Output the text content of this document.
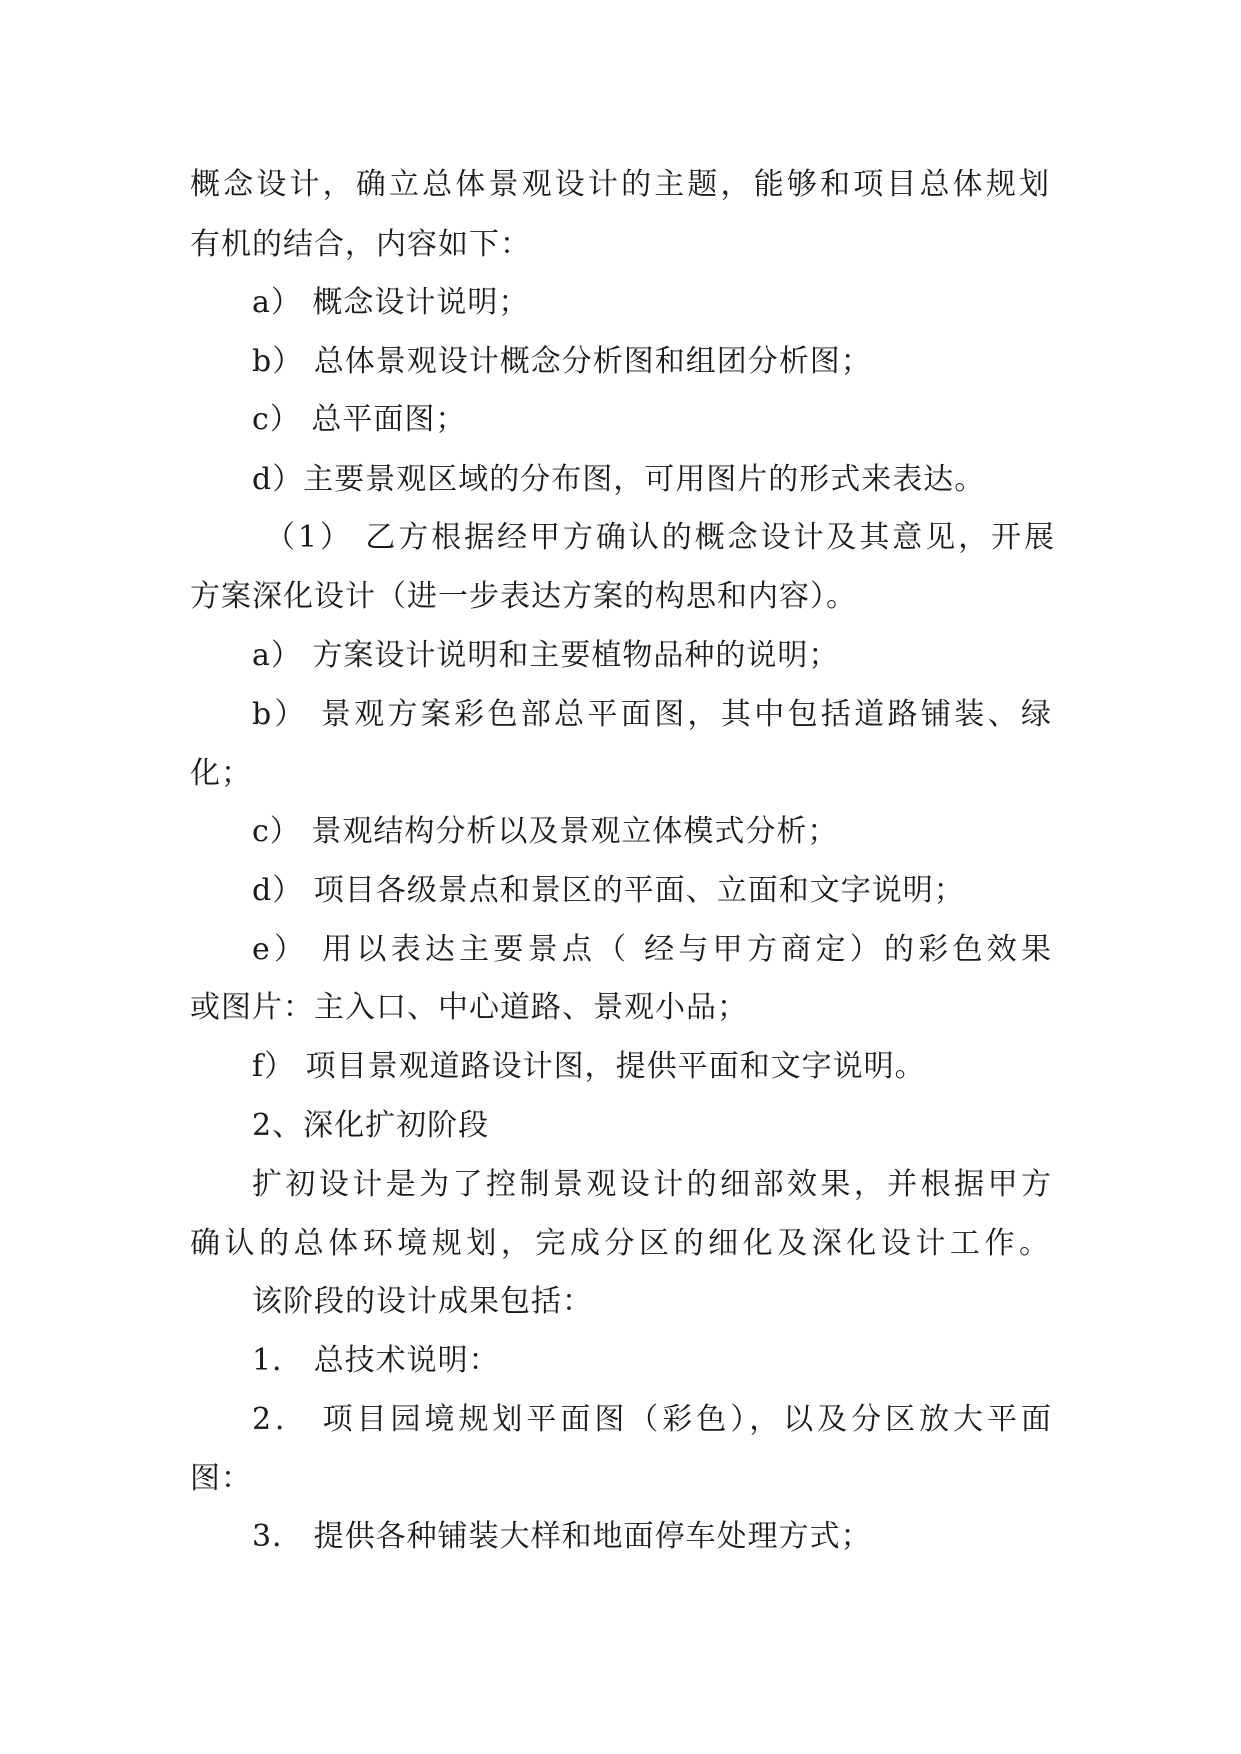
概念设计，确立总体景观设计的主题，能够和项目总体规划
有机的结合，内容如下：
a） 概念设计说明；
b） 总体景观设计概念分析图和组团分析图；
c） 总平面图；
d）主要景观区域的分布图，可用图片的形式来表达。
（1） 乙方根据经甲方确认的概念设计及其意见，开展
方案深化设计（进一步表达方案的构思和内容）。
a） 方案设计说明和主要植物品种的说明；
b） 景观方案彩色部总平面图，其中包括道路铺装、绿
化；
c） 景观结构分析以及景观立体模式分析；
d） 项目各级景点和景区的平面、立面和文字说明；
e） 用以表达主要景点（ 经与甲方商定）的彩色效果
或图片：主入口、中心道路、景观小品；
f） 项目景观道路设计图，提供平面和文字说明。
2、深化扩初阶段
扩初设计是为了控制景观设计的细部效果，并根据甲方
确认的总体环境规划，完成分区的细化及深化设计工作。
该阶段的设计成果包括：
1． 总技术说明：
2． 项目园境规划平面图（彩色），以及分区放大平面
图：
3． 提供各种铺装大样和地面停车处理方式；
